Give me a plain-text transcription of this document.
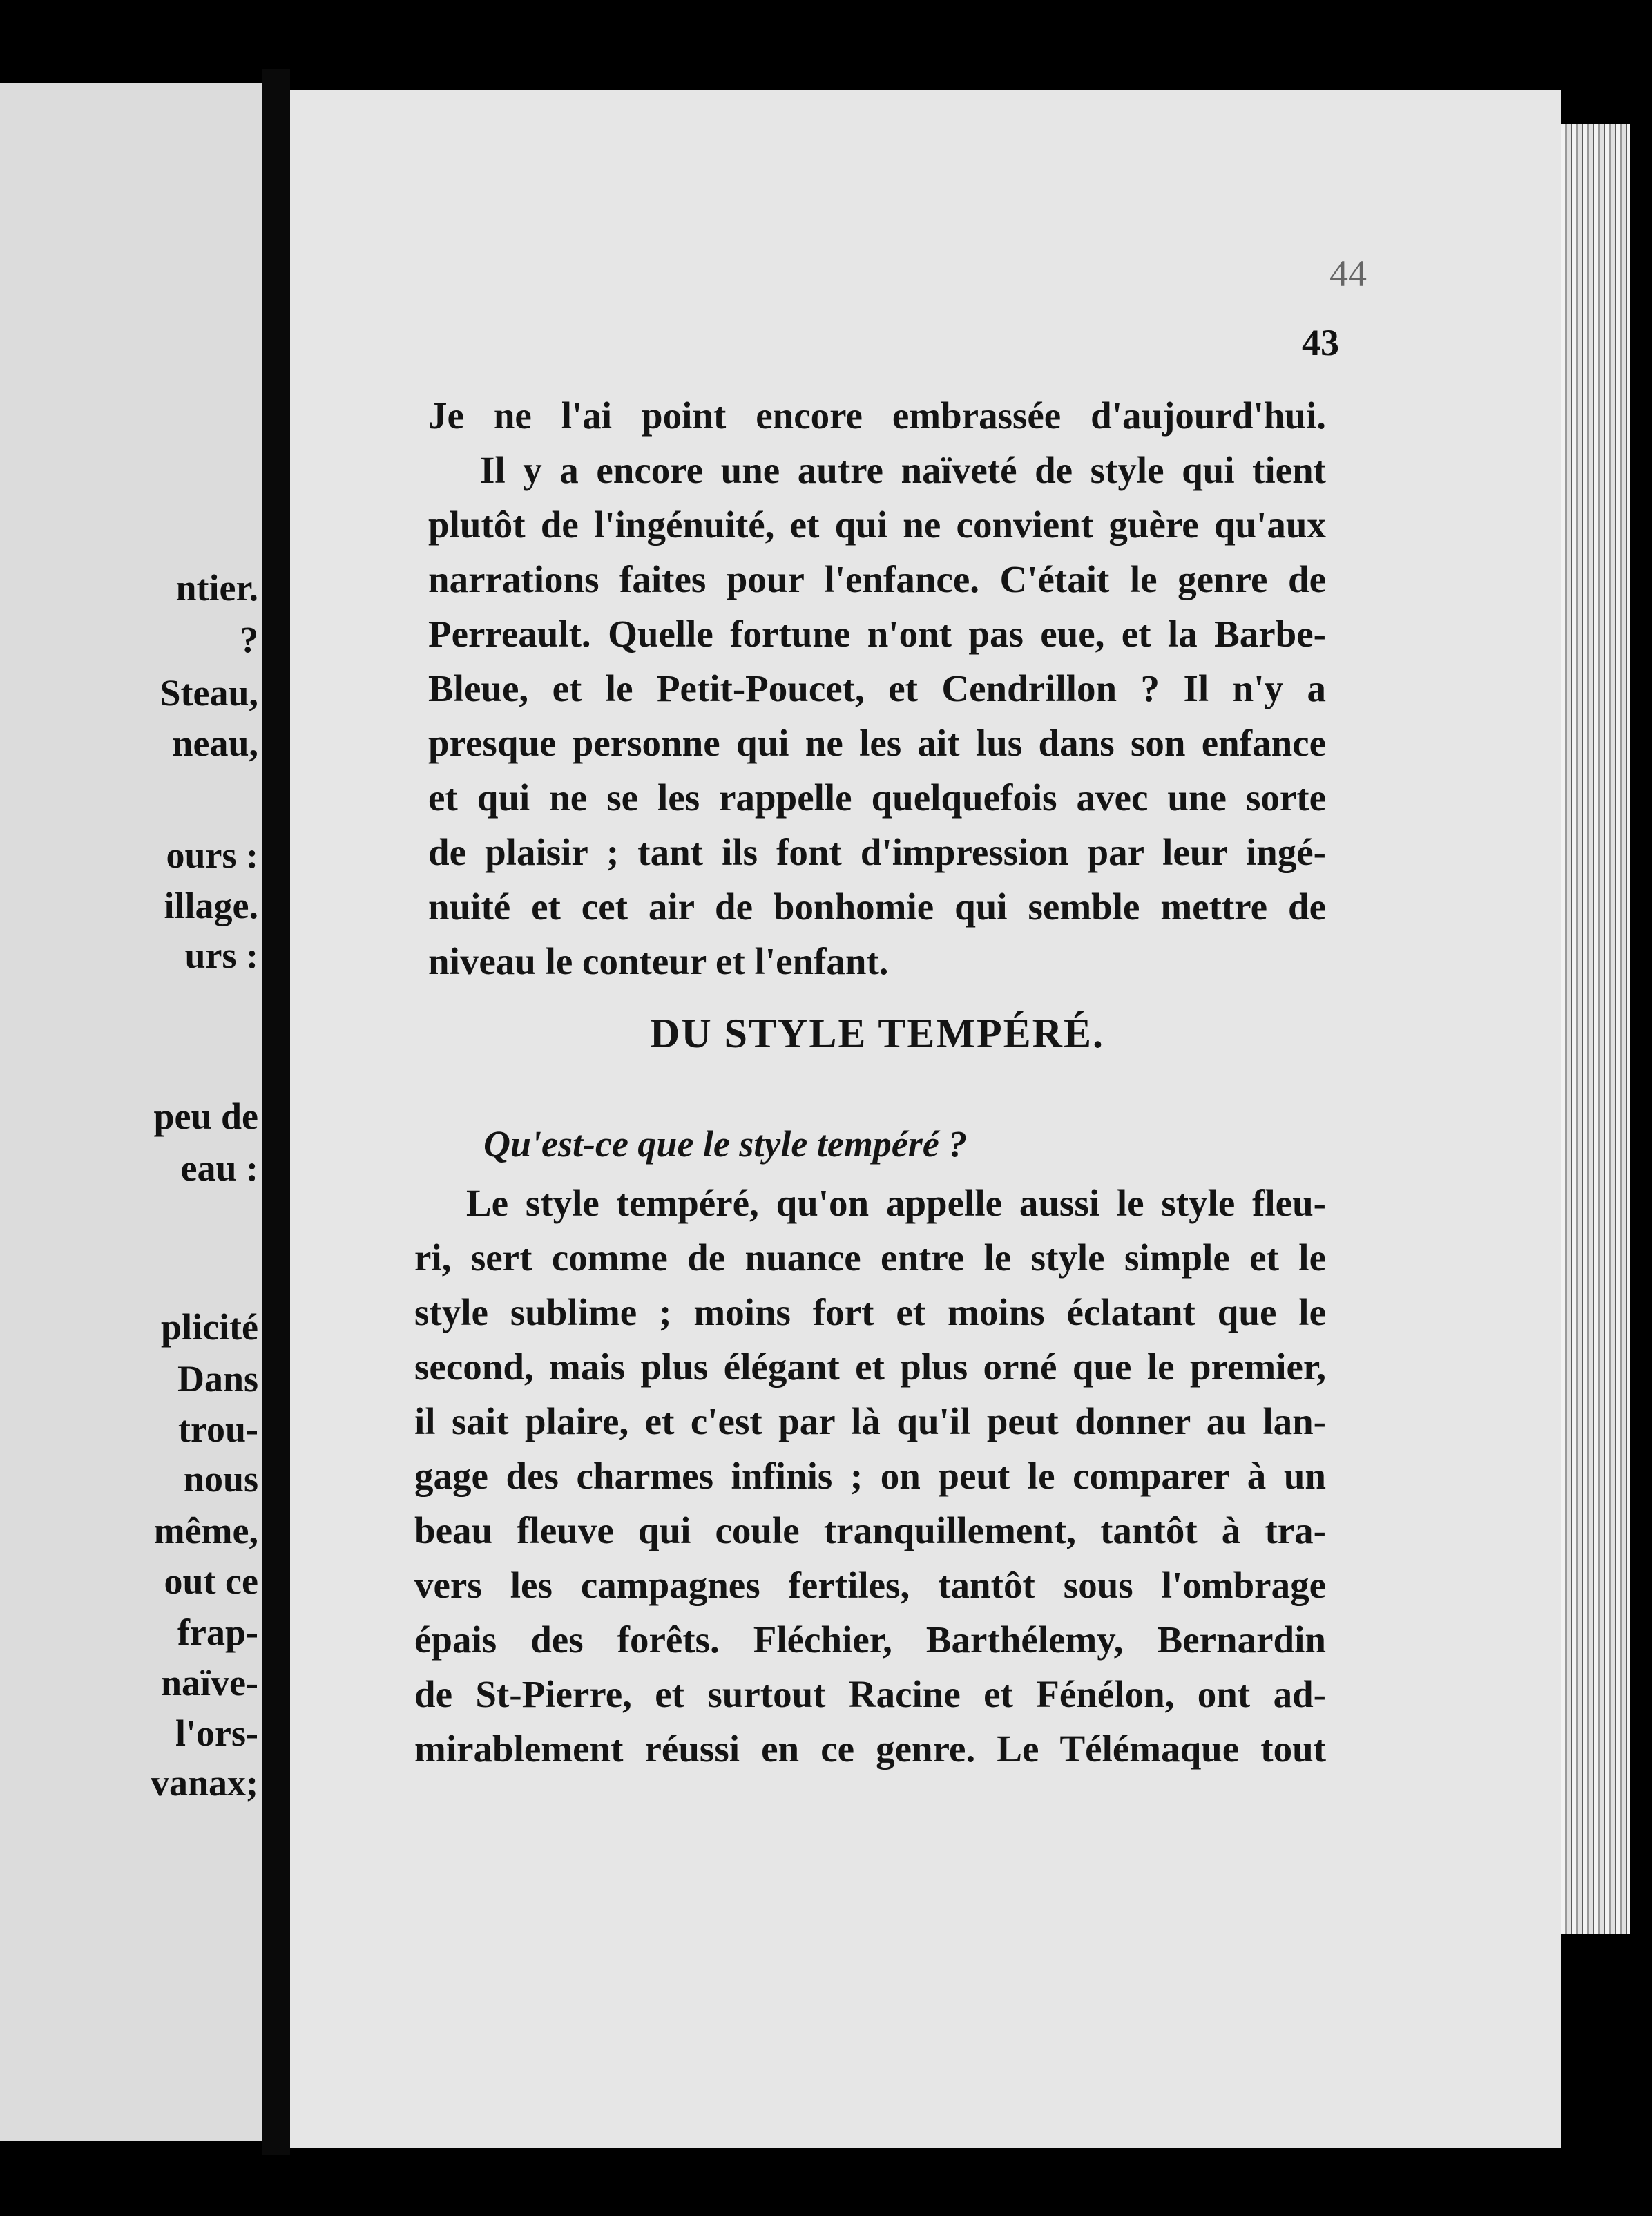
ntier.
?
Steau,
neau,
ours :
illage.
urs :
peu de
eau :
plicité
Dans
trou-
nous
même,
out ce
frap-
naïve-
l'ors-
vanax;
44
43
Je ne l'ai point encore embrassée d'aujourd'hui.
Il y a encore une autre naïveté de style qui tient
plutôt de l'ingénuité, et qui ne convient guère qu'aux
narrations faites pour l'enfance. C'était le genre de
Perreault. Quelle fortune n'ont pas eue, et la Barbe-
Bleue, et le Petit-Poucet, et Cendrillon ? Il n'y a
presque personne qui ne les ait lus dans son enfance
et qui ne se les rappelle quelquefois avec une sorte
de plaisir ; tant ils font d'impression par leur ingé-
nuité et cet air de bonhomie qui semble mettre de
niveau le conteur et l'enfant.
DU STYLE TEMPÉRÉ.
Qu'est-ce que le style tempéré ?
Le style tempéré, qu'on appelle aussi le style fleu-
ri, sert comme de nuance entre le style simple et le
style sublime ; moins fort et moins éclatant que le
second, mais plus élégant et plus orné que le premier,
il sait plaire, et c'est par là qu'il peut donner au lan-
gage des charmes infinis ; on peut le comparer à un
beau fleuve qui coule tranquillement, tantôt à tra-
vers les campagnes fertiles, tantôt sous l'ombrage
épais des forêts. Fléchier, Barthélemy, Bernardin
de St-Pierre, et surtout Racine et Fénélon, ont ad-
mirablement réussi en ce genre. Le Télémaque tout
